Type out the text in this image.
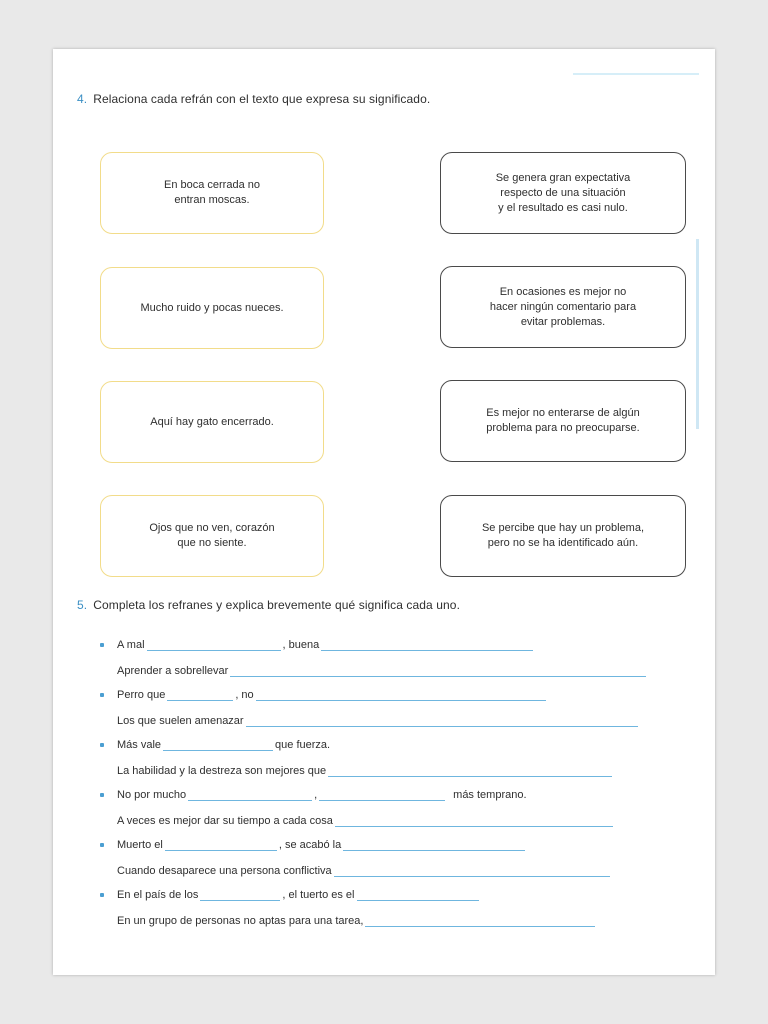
4. Relaciona cada refrán con el texto que expresa su significado.
En boca cerrada no
entran moscas.
Mucho ruido y pocas nueces.
Aquí hay gato encerrado.
Ojos que no ven, corazón
que no siente.
Se genera gran expectativa
respecto de una situación
y el resultado es casi nulo.
En ocasiones es mejor no
hacer ningún comentario para
evitar problemas.
Es mejor no enterarse de algún
problema para no preocuparse.
Se percibe que hay un problema,
pero no se ha identificado aún.
5. Completa los refranes y explica brevemente qué significa cada uno.
A mal	, buena
Aprender a sobrellevar
Perro que	, no
Los que suelen amenazar
Más vale	que fuerza.
La habilidad y la destreza son mejores que
No por mucho	,	más temprano.
A veces es mejor dar su tiempo a cada cosa
Muerto el	, se acabó la
Cuando desaparece una persona conflictiva
En el país de los	, el tuerto es el
En un grupo de personas no aptas para una tarea,
